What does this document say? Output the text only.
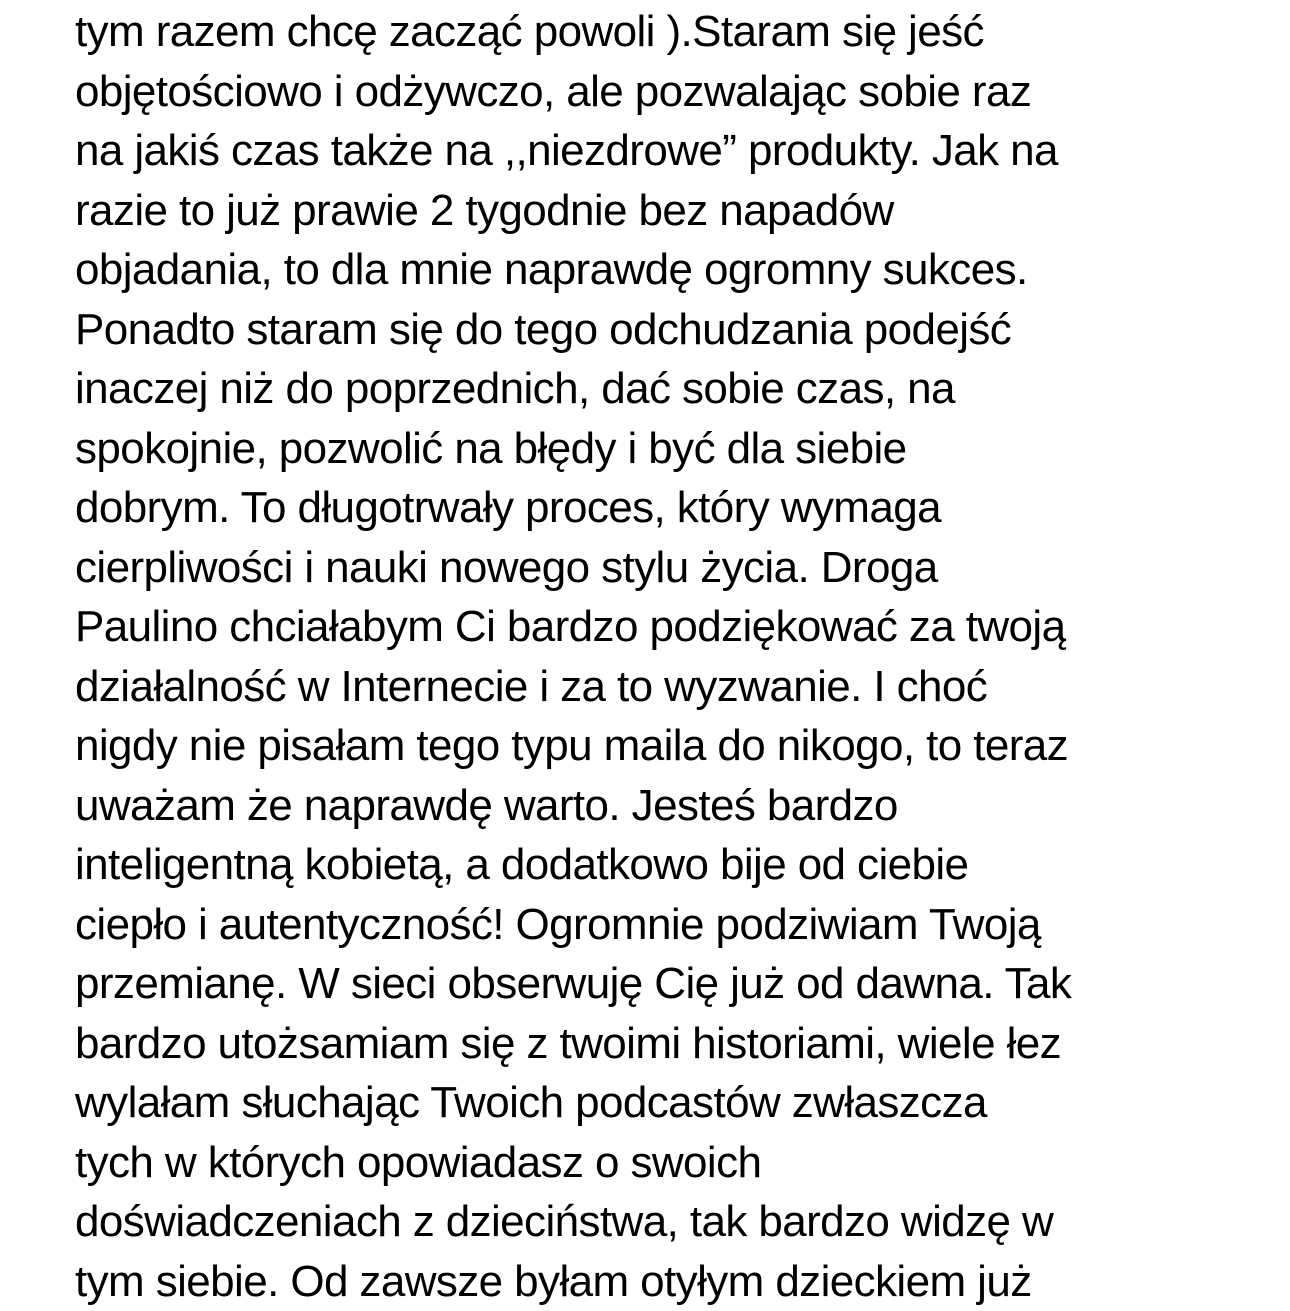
tym razem chcę zacząć powoli ).Staram się jeść
objętościowo i odżywczo, ale pozwalając sobie raz
na jakiś czas także na ,,niezdrowe” produkty. Jak na
razie to już prawie 2 tygodnie bez napadów
objadania, to dla mnie naprawdę ogromny sukces.
Ponadto staram się do tego odchudzania podejść
inaczej niż do poprzednich, dać sobie czas, na
spokojnie, pozwolić na błędy i być dla siebie
dobrym. To długotrwały proces, który wymaga
cierpliwości i nauki nowego stylu życia. Droga
Paulino chciałabym Ci bardzo podziękować za twoją
działalność w Internecie i za to wyzwanie. I choć
nigdy nie pisałam tego typu maila do nikogo, to teraz
uważam że naprawdę warto. Jesteś bardzo
inteligentną kobietą, a dodatkowo bije od ciebie
ciepło i autentyczność! Ogromnie podziwiam Twoją
przemianę. W sieci obserwuję Cię już od dawna. Tak
bardzo utożsamiam się z twoimi historiami, wiele łez
wylałam słuchając Twoich podcastów zwłaszcza
tych w których opowiadasz o swoich
doświadczeniach z dzieciństwa, tak bardzo widzę w
tym siebie. Od zawsze byłam otyłym dzieckiem już
